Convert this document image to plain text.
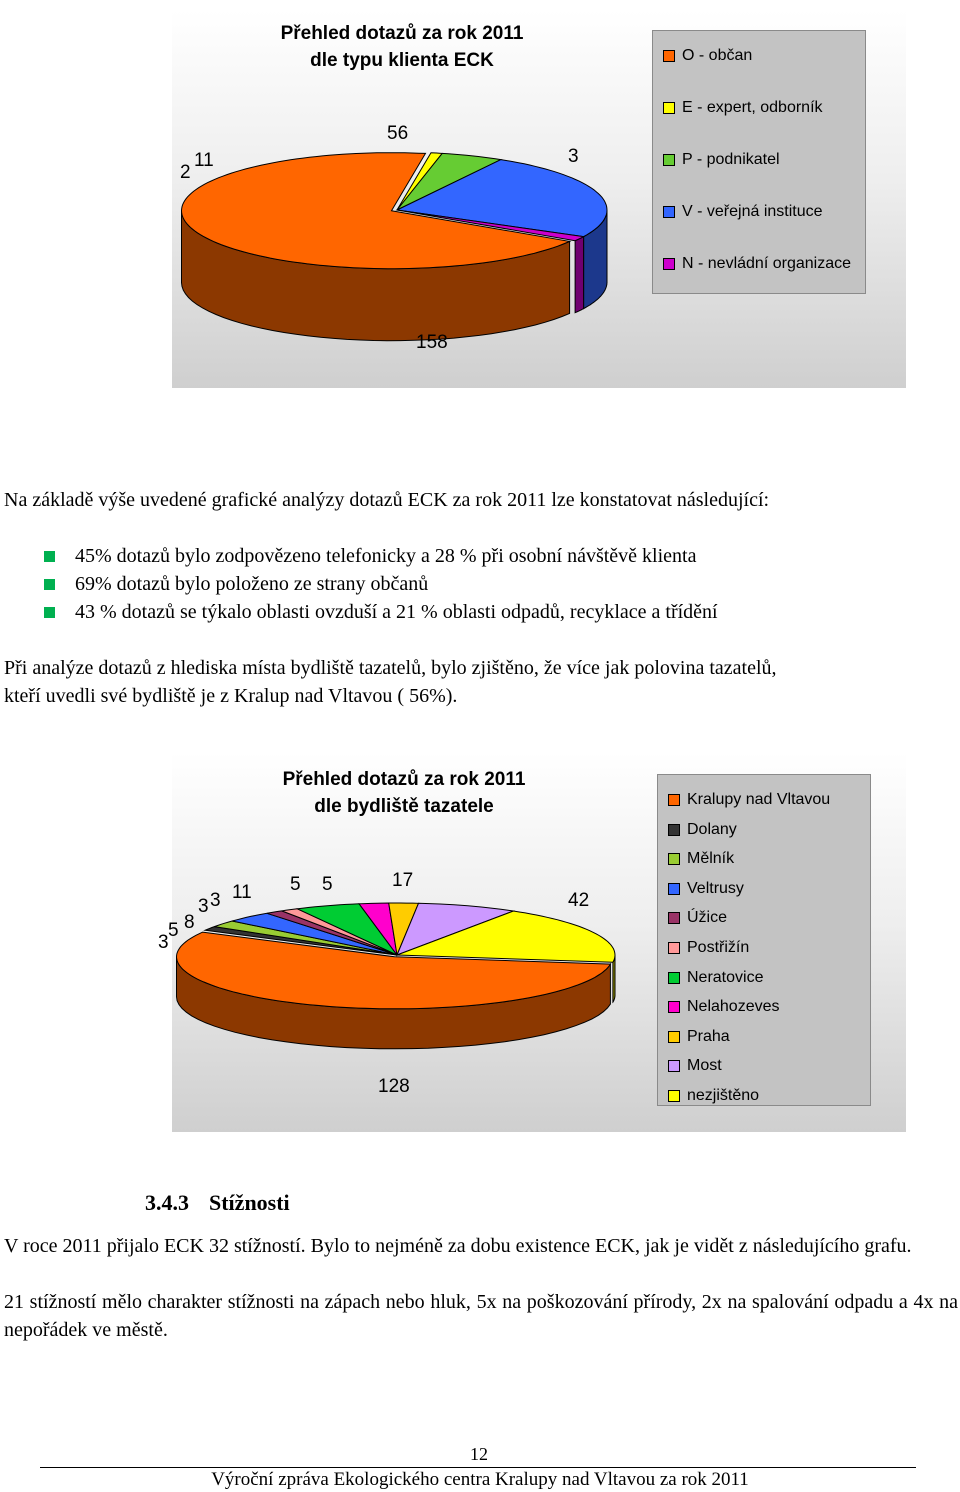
Přehled dotazů za rok 2011
dle typu klienta ECK
56
11
2
3
158
O - občan
E - expert, odborník
P - podnikatel
V - veřejná instituce
N - nevládní organizace
Na základě výše uvedené grafické analýzy dotazů ECK za rok 2011 lze konstatovat následující:
45% dotazů bylo zodpovězeno telefonicky a 28 % při osobní návštěvě klienta
69% dotazů bylo položeno ze strany občanů
43 % dotazů se týkalo oblasti ovzduší a 21 % oblasti odpadů, recyklace a třídění
Při analýze dotazů z hlediska místa bydliště tazatelů, bylo zjištěno, že více jak polovina tazatelů,
kteří uvedli své bydliště je z Kralup nad Vltavou ( 56%).
Přehled dotazů za rok 2011
dle bydliště tazatele
128
3
5 8
3 3 11 5 5	17
42
Kralupy nad Vltavou
Dolany
Mělník
Veltrusy
Úžice
Postřižín
Neratovice
Nelahozeves
Praha
Most
nezjištěno
3.4.3 Stížnosti
V roce 2011 přijalo ECK 32 stížností. Bylo to nejméně za dobu existence ECK, jak je vidět z následujícího grafu.
21 stížností mělo charakter stížnosti na zápach nebo hluk, 5x na poškozování přírody, 2x na spalování odpadu a 4x na nepořádek ve městě.
12
Výroční zpráva Ekologického centra Kralupy nad Vltavou za rok 2011
